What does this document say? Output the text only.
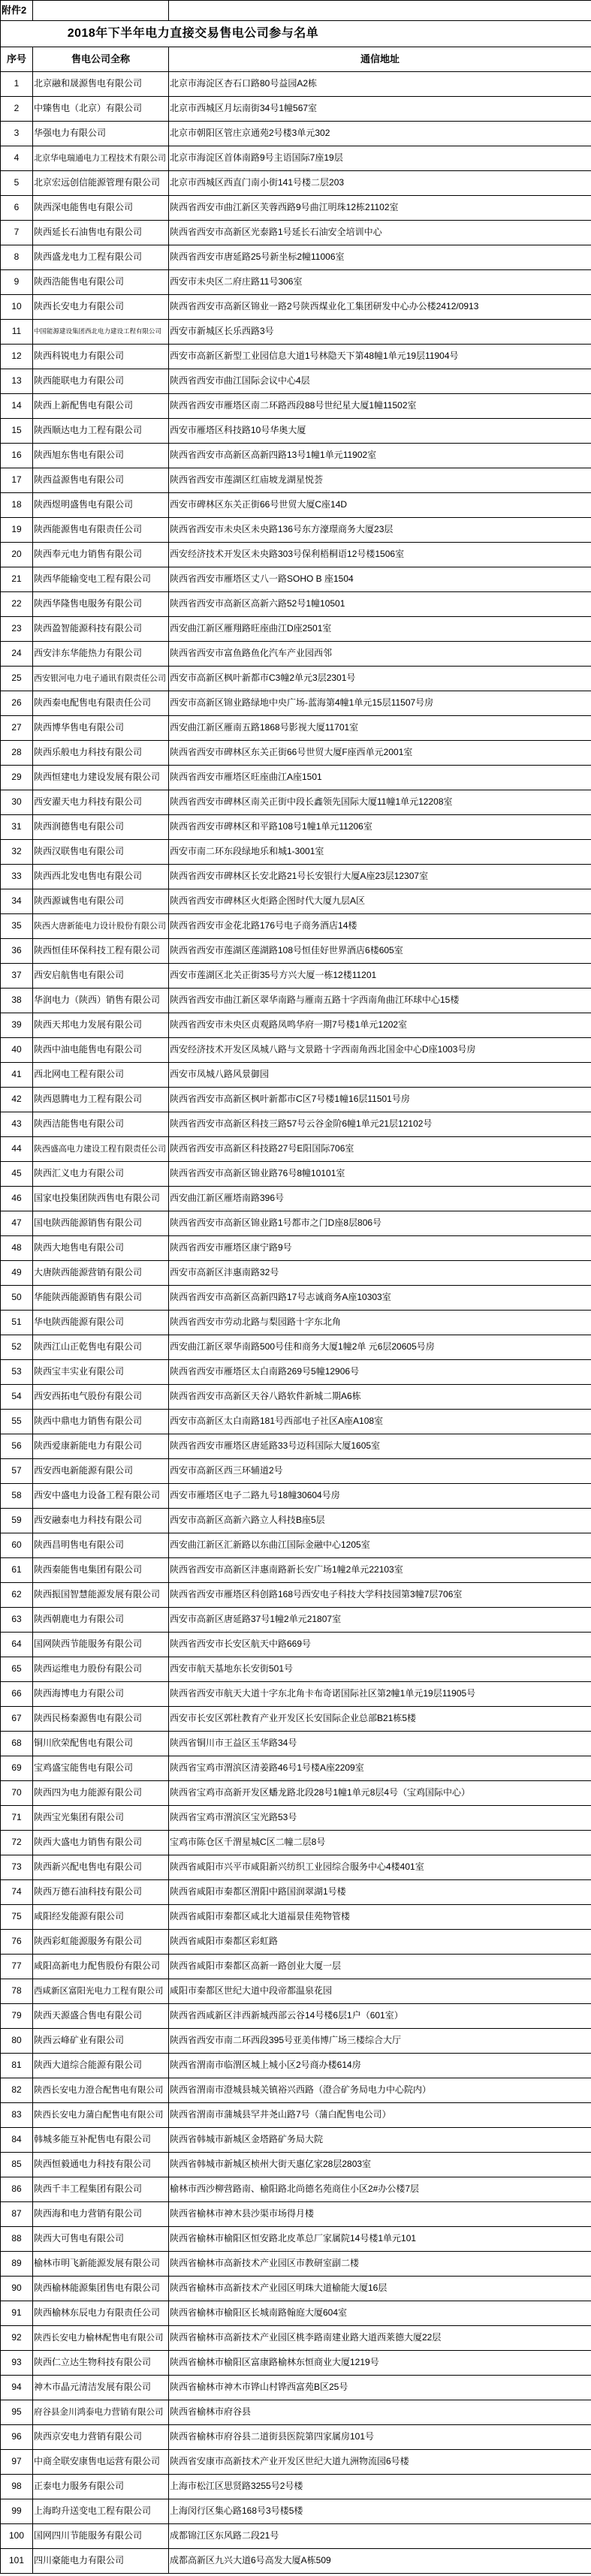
附件2		

2018年下半年电力直接交易售电公司参与名单		

序号	售电公司全称	通信地址
1	北京融和晟源售电有限公司	北京市海淀区杏石口路80号益园A2栋
2	中臻售电（北京）有限公司	北京市西城区月坛南街34号1幢567室
3	华强电力有限公司	北京市朝阳区管庄京通苑2号楼3单元302
4	北京华电瑞通电力工程技术有限公司	北京市海淀区首体南路9号主语国际7座19层
5	北京宏远创信能源管理有限公司	北京市西城区西直门南小街141号楼二层203
6	陕西深电能售电有限公司	陕西省西安市曲江新区芙蓉西路9号曲江明珠12栋21102室
7	陕西延长石油售电有限公司	陕西省西安市高新区光泰路1号延长石油安全培训中心
8	陕西盛龙电力工程有限公司	陕西省西安市唐延路25号新坐标2幢11006室
9	陕西浩能售电有限公司	西安市未央区二府庄路11号306室
10	陕西长安电力有限公司	陕西省西安市高新区锦业一路2号陕西煤业化工集团研发中心办公楼2412/0913
11	中国能源建设集团西北电力建设工程有限公司	西安市新城区长乐西路3号
12	陕西科锐电力有限公司	西安市高新区新型工业园信息大道1号林隐天下第48幢1单元19层11904号
13	陕西能联电力有限公司	陕西省西安市曲江国际会议中心4层
14	陕西上新配售电有限公司	陕西省西安市雁塔区南二环路西段88号世纪星大厦1幢11502室
15	陕西顺达电力工程有限公司	西安市雁塔区科技路10号华奥大厦
16	陕西旭东售电有限公司	陕西省西安市高新区高新四路13号1幢1单元11902室
17	陕西益源售电有限公司	陕西省西安市莲湖区红庙坡龙湖星悦荟
18	陕西煜明盛售电有限公司	西安市碑林区东关正街66号世贸大厦C座14D
19	陕西能源售电有限责任公司	陕西省西安市未央区未央路136号东方濠璟商务大厦23层
20	陕西奉元电力销售有限公司	西安经济技术开发区未央路303号保利梧桐语12号楼1506室
21	陕西华能输变电工程有限公司	陕西省西安市雁塔区丈八一路SOHO B 座1504
22	陕西华隆售电服务有限公司	陕西省西安市高新区高新六路52号1幢10501
23	陕西盈智能源科技有限公司	西安曲江新区雁翔路旺座曲江D座2501室
24	西安沣东华能热力有限公司	陕西省西安市富鱼路鱼化汽车产业园西邻
25	西安银河电力电子通讯有限责任公司	西安市高新区枫叶新都市C3幢2单元3层2301号
26	陕西秦电配售电有限责任公司	西安市高新区锦业路绿地中央广场-蓝海第4幢1单元15层11507号房
27	陕西博华售电有限公司	西安曲江新区雁南五路1868号影视大厦11701室
28	陕西乐般电力科技有限公司	陕西省西安市碑林区东关正街66号世贸大厦F座西单元2001室
29	陕西恒建电力建设发展有限公司	陕西省西安市雁塔区旺座曲江A座1501
30	西安濯天电力科技有限公司	陕西省西安市碑林区南关正街中段长鑫领先国际大厦11幢1单元12208室
31	陕西润德售电有限公司	陕西省西安市碑林区和平路108号1幢1单元11206室
32	陕西汉联售电有限公司	西安市南二环东段绿地乐和城1-3001室
33	陕西西北发电售电有限公司	陕西省西安市碑林区长安北路21号长安银行大厦A座23层12307室
34	陕西源诚售电有限公司	陕西省西安市碑林区火炬路企图时代大厦九层A区
35	陕西大唐新能电力设计股份有限公司	陕西省西安市金花北路176号电子商务酒店14楼
36	陕西恒佳环保科技工程有限公司	陕西省西安市莲湖区莲湖路108号恒佳好世界酒店6楼605室
37	西安启航售电有限公司	西安市莲湖区北关正街35号方兴大厦一栋12楼11201
38	华润电力（陕西）销售有限公司	陕西省西安市曲江新区翠华南路与雁南五路十字西南角曲江环球中心15楼
39	陕西天邦电力发展有限公司	陕西省西安市未央区贞观路凤鸣华府一期7号楼1单元1202室
40	陕西中油电能售电有限公司	西安经济技术开发区凤城八路与文景路十字西南角西北国金中心D座1003号房
41	西北网电工程有限公司	西安市凤城八路风景御园
42	陕西恩腾电力工程有限公司	陕西省西安市高新区枫叶新都市C区7号楼1幢16层11501号房
43	陕西洁能售电有限公司	陕西省西安市高新区科技三路57号云谷金阶6幢1单元21层12102号
44	陕西盛高电力建设工程有限责任公司	陕西省西安市高新区科技路27号E阳国际706室
45	陕西汇义电力有限公司	陕西省西安市高新区锦业路76号8幢10101室
46	国家电投集团陕西售电有限公司	西安曲江新区雁塔南路396号
47	国电陕西能源销售有限公司	陕西省西安市高新区锦业路1号都市之门D座8层806号
48	陕西大地售电有限公司	陕西省西安市雁塔区康宁路9号
49	大唐陕西能源营销有限公司	西安市高新区沣惠南路32号
50	华能陕西能源销售有限公司	陕西省西安市高新区高新四路17号志诚商务A座10303室
51	华电陕西能源有限公司	陕西省西安市劳动北路与梨园路十字东北角
52	陕西江山正乾售电有限公司	西安曲江新区翠华南路500号佳和商务大厦1幢2单 元6层20605号房
53	陕西宝丰实业有限公司	陕西省西安市雁塔区太白南路269号5幢12906号
54	西安西拓电气股份有限公司	陕西省西安市高新区天谷八路软件新城二期A6栋
55	陕西中鼎电力销售有限公司	西安市高新区太白南路181号西部电子社区A座A108室
56	陕西爱康新能电力有限公司	陕西省西安市雁塔区唐延路33号迈科国际大厦1605室
57	西安西电新能源有限公司	西安市高新区西三环辅道2号
58	西安中盛电力设备工程有限公司	西安市雁塔区电子二路九号18幢30604号房
59	西安融泰电力科技有限公司	西安市高新区高新六路立人科技B座5层
60	陕西昌明售电有限公司	西安曲江新区汇新路以东曲江国际金融中心1205室
61	陕西秦能售电集团有限公司	陕西省西安市高新区沣惠南路新长安广场1幢2单元22103室
62	陕西振国智慧能源发展有限公司	陕西省西安市雁塔区科创路168号西安电子科技大学科技园第3幢7层706室
63	陕西朝鹿电力有限公司	西安市高新区唐延路37号1幢2单元21807室
64	国网陕西节能服务有限公司	陕西省西安市长安区航天中路669号
65	陕西运维电力股份有限公司	西安市航天基地东长安街501号
66	陕西海博电力有限公司	陕西省西安市航天大道十字东北角卡布奇诺国际社区第2幢1单元19层11905号
67	陕西民杨秦源售电有限公司	西安市长安区郭杜教育产业开发区长安国际企业总部B21栋5楼
68	铜川欣荣配售电有限公司	陕西省铜川市王益区玉华路34号
69	宝鸡盛宝能售电有限公司	陕西省宝鸡市渭滨区清姜路46号1号楼A座2209室
70	陕西四为电力能源有限公司	陕西省宝鸡市高新开发区蟠龙路北段28号1幢1单元8层4号（宝鸡国际中心）
71	陕西宝光集团有限公司	陕西省宝鸡市渭滨区宝光路53号
72	陕西大盛电力销售有限公司	宝鸡市陈仓区千渭星城C区二幢二层8号
73	陕西新兴配电售电有限公司	陕西省咸阳市兴平市咸阳新兴纺织工业园综合服务中心4楼401室
74	陕西万德石油科技有限公司	陕西省咸阳市秦都区渭阳中路国润翠湖1号楼
75	咸阳经发能源有限公司	陕西省咸阳市秦都区咸北大道福景佳苑物管楼
76	陕西彩虹能源服务有限公司	陕西省咸阳市秦都区彩虹路
77	咸阳高新电力配售股份有限公司	陕西省咸阳市秦都区高新一路创业大厦一层
78	西咸新区富阳光电力工程有限公司	咸阳市秦都区世纪大道中段帝都温泉花园
79	陕西天源盛合售电有限公司	陕西省西咸新区沣西新城西部云谷14号楼6层1户（601室）
80	陕西云峰矿业有限公司	陕西省西安市南二环西段395号亚美伟博广场三楼综合大厅
81	陕西大道综合能源有限公司	陕西省渭南市临渭区城上城小区2号商办楼614房
82	陕西长安电力澄合配售电有限公司	陕西省渭南市澄城县城关镇裕兴西路（澄合矿务局电力中心院内）
83	陕西长安电力蒲白配售电有限公司	陕西省渭南市蒲城县罕井尧山路7号（蒲白配售电公司）
84	韩城多能互补配售电有限公司	陕西省韩城市新城区金塔路矿务局大院
85	陕西恒毅通电力科技有限公司	陕西省韩城市新城区桢州大街天惠亿家28层2803室
86	陕西千丰工程集团有限公司	榆林市西沙柳营路南、榆阳路北尚德名苑商住小区2#办公楼7层
87	陕西海和电力营销有限公司	陕西省榆林市神木县沙渠市场得月楼
88	陕西大可售电有限公司	陕西省榆林市榆阳区恒安路北皮革总厂家属院14号楼1单元101
89	榆林市明飞新能源发展有限公司	陕西省榆林市高新技术产业园区市教研室副二楼
90	陕西榆林能源集团售电有限公司	陕西省榆林市高新技术产业园区明珠大道榆能大厦16层
91	陕西榆林东辰电力有限责任公司	陕西省榆林市榆阳区长城南路翰庭大厦604室
92	陕西长安电力榆林配售电有限公司	陕西省榆林市高新技术产业园区桃李路南建业路大道西莱德大厦22层
93	陕西仁立达生物科技有限公司	陕西省榆林市榆阳区富康路榆林东恒商业大厦1219号
94	神木市晶元清洁发展有限公司	陕西省榆林市神木市铧山村铧西富苑B区25号
95	府谷县金川鸿泰电力营销有限公司	陕西省榆林市府谷县
96	陕西京安电力营销有限公司	陕西省榆林市府谷县二道街县医院第四家属房101号
97	中商全联安康售电运营有限公司	陕西省安康市高新技术产业开发区世纪大道九洲物流园6号楼
98	正泰电力服务有限公司	上海市松江区思贤路3255号2号楼
99	上海昀升送变电工程有限公司	上海闵行区集心路168号3号楼5楼
100	国网四川节能服务有限公司	成都锦江区东风路二段21号
101	四川豪能电力有限公司	成都高新区九兴大道6号高发大厦A栋509
